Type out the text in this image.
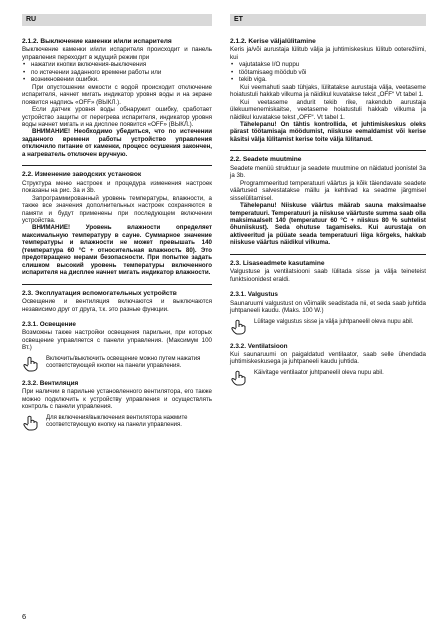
RU	ET
2.1.2. Выключение каменки и/или испарителя

Выключение каменки и/или испарителя происходит и панель управления переходит в ждущий режим при

• нажатии кнопки включения-выключения
• по истечении заданного времени работы или
• возникновении ошибки.

При опустошении емкости с водой происходит отключение испарителя, начнет мигать индикатор уровня воды и на экране появится надпись «OFF» (ВЫКЛ.).

Если датчик уровня воды обнаружит ошибку, сработает устройство защиты от перегрева испарителя, индикатор уровня воды начнет мигать и на дисплее появится «OFF» (ВЫКЛ.).

ВНИМАНИЕ! Необходимо убедиться, что по истечении заданного времени работы устройство управления отключило питание от каменки, процесс осушения закончен, а нагреватель отключен вручную.

2.2. Изменение заводских установок

Структура меню настроек и процедура изменения настроек показаны на рис. 3a и 3b.

Запрограммированный уровень температуры, влажности, а также все значения дополнительных настроек сохраняются в памяти и будут применены при последующем включении устройства.

ВНИМАНИЕ! Уровень влажности определяет максимальную температуру в сауне. Суммарное значение температуры и влажности не может превышать 140 (температура 60 °C + относительная влажность 80). Это предотвращено мерами безопасности. При попытке задать слишком высокий уровень температуры включенного испарителя на дисплее начнет мигать индикатор влажности.

2.3. Эксплуатация вспомогательных устройств

Освещение и вентиляция включаются и выключаются независимо друг от друга, т.к. это разные функции.

2.3.1. Освещение

Возможны также настройки освещения парильни, при которых освещение управляется с панели управления. (Максимум 100 Вт.)

Включить/выключить освещение можно путем нажатия соответствующей кнопки на панели управления.
2.3.2. Вентиляция

При наличии в парильне установленного вентилятора, его также можно подключить к устройству управления и осуществлять контроль с панели управления.

Для включения/выключения вентилятора нажмите соответствующую кнопку на панели управления.
2.1.2. Kerise väljalülitamine

Keris ja/või aurustaja lülitub välja ja juhtimiskeskus lülitub ooterežiimi, kui

• vajutatakse I/O nuppu
• töötamisaeg möödub või
• tekib viga.

Kui veemahuti saab tühjaks, lülitatakse aurustaja välja, veetaseme hoiatustuli hakkab vilkuma ja näidikul kuvatakse tekst „OFF“ Vt tabel 1.

Kui veetaseme andurit tekib rike, rakendub aurustaja ülekuumenemiskaitse, veetaseme hoiatustuli hakkab vilkuma ja näidikul kuvatakse tekst „OFF“. Vt tabel 1.

Tähelepanu! On tähtis kontrollida, et juhtimiskeskus oleks pärast töötamisaja möödumist, niiskuse eemaldamist või kerise käsitsi välja lülitamist kerise toite välja lülitanud.

2.2. Seadete muutmine

Seadete menüü struktuur ja seadete muutmine on näidatud joonistel 3a ja 3b.

Programmeeritud temperatuuri väärtus ja kõik täiendavate seadete väärtused salvestatakse mällu ja kehtivad ka seadme järgmisel sisselülitamisel.

Tähelepanu! Niiskuse väärtus määrab sauna maksimaalse temperatuuri. Temperatuuri ja niiskuse väärtuste summa saab olla maksimaalselt 140 (temperatuur 60 °C + niiskus 80 % suhtelist õhuniiskust). Seda ohutuse tagamiseks. Kui aurustaja on aktiveeritud ja püüate seada temperatuuri liiga kõrgeks, hakkab niiskuse väärtus näidikul vilkuma.

2.3. Lisaseadmete kasutamine

Valgustuse ja ventilatsiooni saab lülitada sisse ja välja teineteist funktsioonidest eraldi.

2.3.1. Valgustus

Saunaruumi valgustust on võimalik seadistada nii, et seda saab juhtida juhtpaneeli kaudu. (Maks. 100 W.)

Lülitage valgustus sisse ja välja juhtpaneelil oleva nupu abil.
2.3.2. Ventilatsioon

Kui saunaruumi on paigaldatud ventilaator, saab selle ühendada juhtimiskeskusega ja juhtpaneeli kaudu juhtida.

Käivitage ventilaator juhtpaneelil oleva nupu abil.
6
